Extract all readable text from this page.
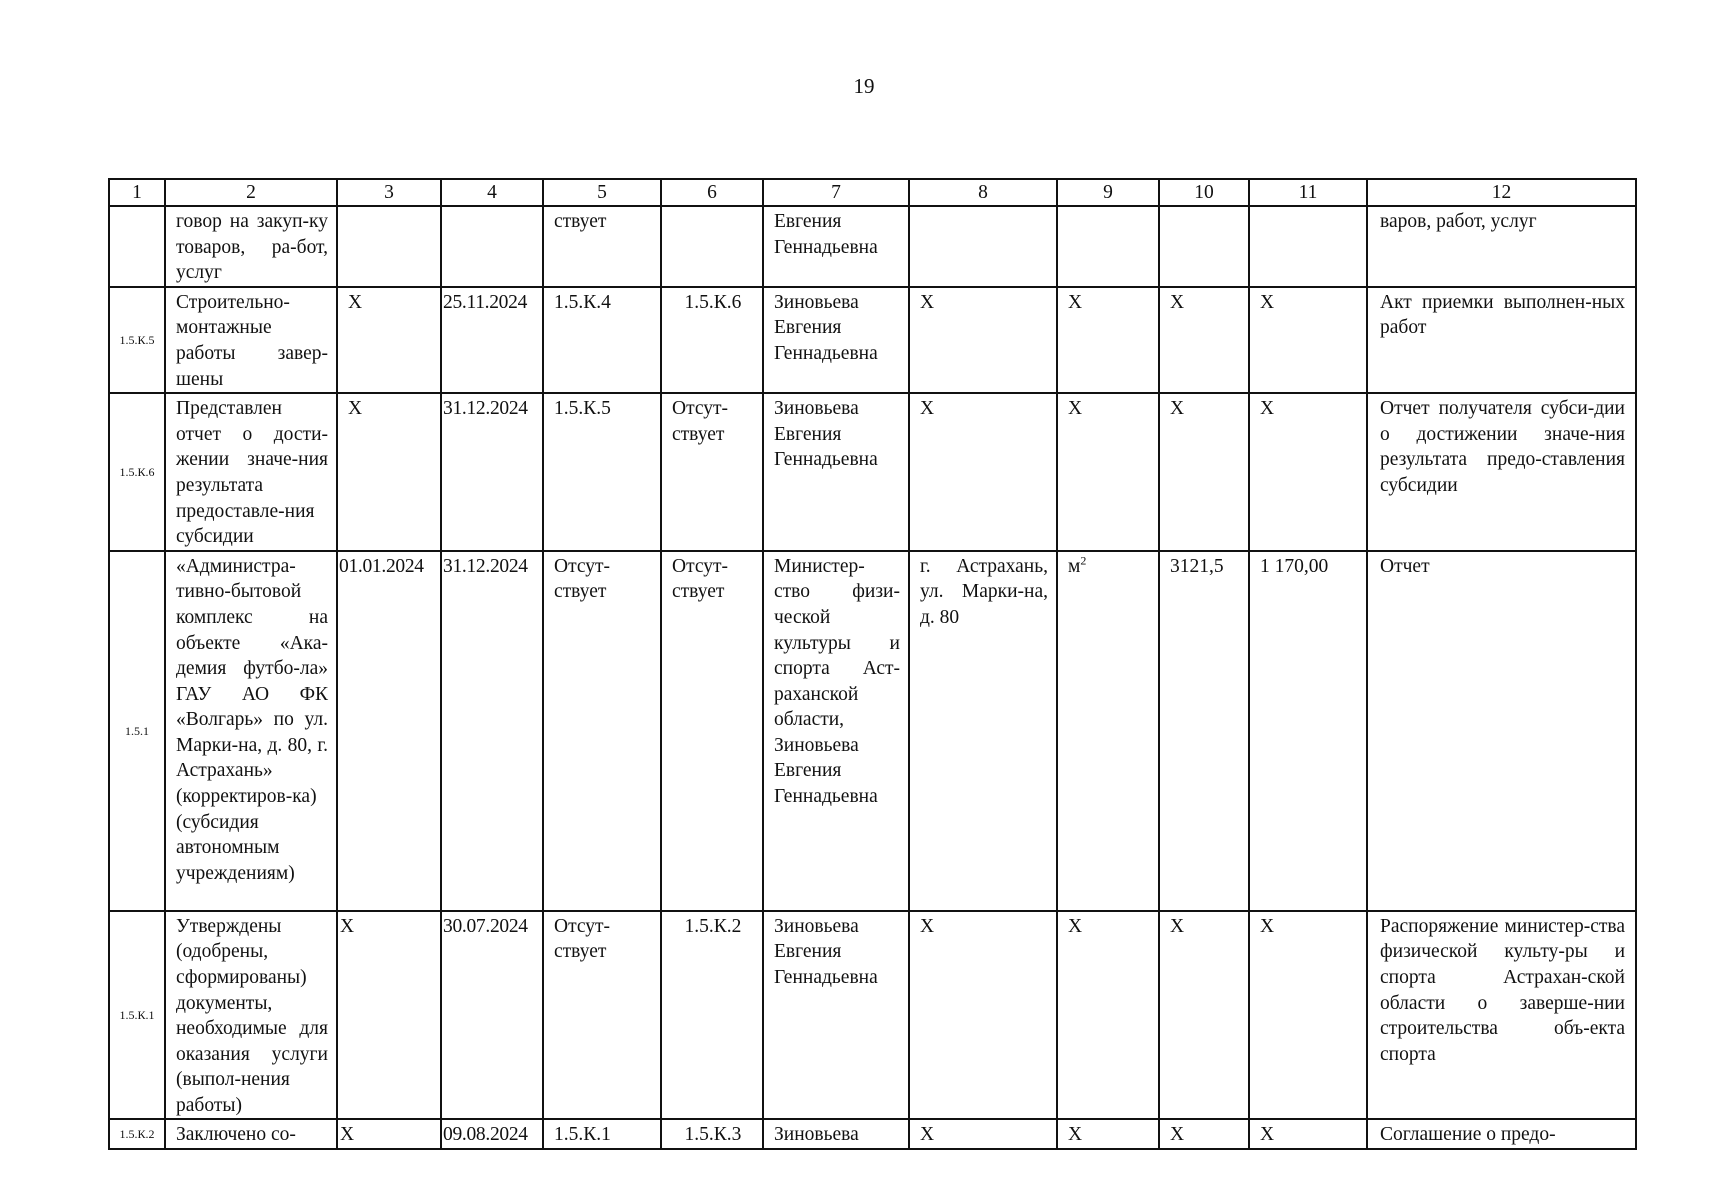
19
1	2	3	4	5	6	7	8	9	10	11	12
	говор на закуп-ку товаров, ра-бот, услуг			ствует		Евгения Геннадьевна					варов, работ, услуг
1.5.К.5	Строительно-монтажные работы завер-шены	X	25.11.2024	1.5.К.4	1.5.К.6	Зиновьева Евгения Геннадьевна	X	X	X	X	Акт приемки выполнен-ных работ
1.5.К.6	Представлен отчет о дости-жении значе-ния результата предоставле-ния субсидии	X	31.12.2024	1.5.К.5	Отсут-ствует	Зиновьева Евгения Геннадьевна	X	X	X	X	Отчет получателя субси-дии о достижении значе-ния результата предо-ставления субсидии
1.5.1	«Администра-тивно-бытовой комплекс на объекте «Ака-демия футбо-ла» ГАУ АО ФК «Волгарь» по ул. Марки-на, д. 80, г. Астрахань» (корректиров-ка) (субсидия автономным учреждениям)	01.01.2024	31.12.2024	Отсут-ствует	Отсут-ствует	Министер-ство физи-ческой культуры и спорта Аст-раханской области, Зиновьева Евгения Геннадьевна	г. Астрахань, ул. Марки-на, д. 80	$м^2$	3121,5	1 170,00	Отчет
1.5.К.1	Утверждены (одобрены, сформированы) документы, необходимые для оказания услуги (выпол-нения работы)	X	30.07.2024	Отсут-ствует	1.5.К.2	Зиновьева Евгения Геннадьевна	X	X	X	X	Распоряжение министер-ства физической культу-ры и спорта Астрахан-ской области о заверше-нии строительства объ-екта спорта
1.5.К.2	Заключено со-	X	09.08.2024	1.5.К.1	1.5.К.3	Зиновьева	X	X	X	X	Соглашение о предо-
